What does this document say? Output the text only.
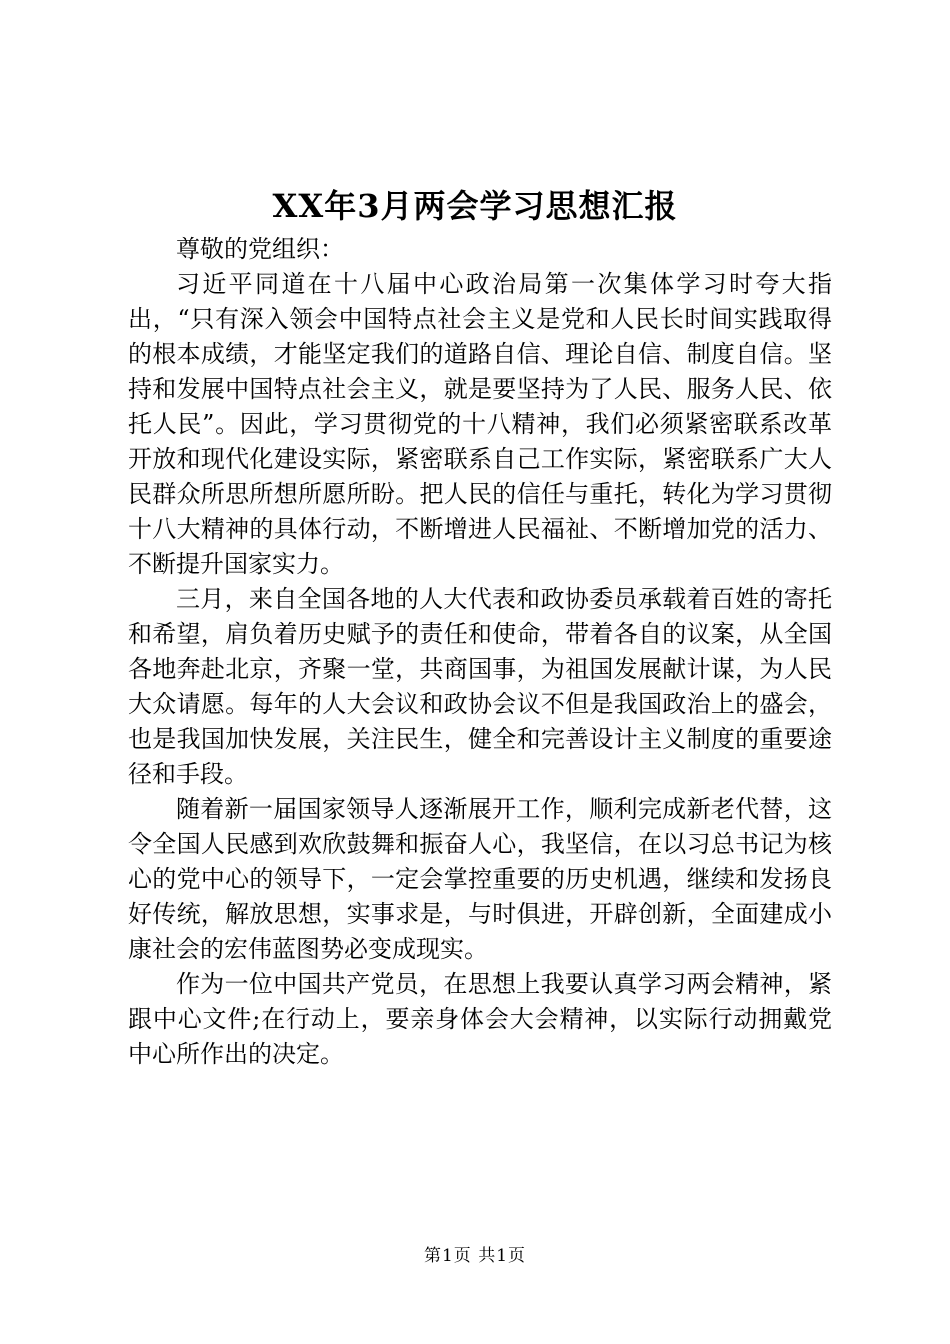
XX年3月两会学习思想汇报

尊敬的党组织：

习近平同道在十八届中心政治局第一次集体学习时夸大指出，“只有深入领会中国特点社会主义是党和人民长时间实践取得的根本成绩，才能坚定我们的道路自信、理论自信、制度自信。坚持和发展中国特点社会主义，就是要坚持为了人民、服务人民、依托人民”。因此，学习贯彻党的十八精神，我们必须紧密联系改革开放和现代化建设实际，紧密联系自己工作实际，紧密联系广大人民群众所思所想所愿所盼。把人民的信任与重托，转化为学习贯彻十八大精神的具体行动，不断增进人民福祉、不断增加党的活力、不断提升国家实力。

三月，来自全国各地的人大代表和政协委员承载着百姓的寄托和希望，肩负着历史赋予的责任和使命，带着各自的议案，从全国各地奔赴北京，齐聚一堂，共商国事，为祖国发展献计谋，为人民大众请愿。每年的人大会议和政协会议不但是我国政治上的盛会，也是我国加快发展，关注民生，健全和完善设计主义制度的重要途径和手段。

随着新一届国家领导人逐渐展开工作，顺利完成新老代替，这令全国人民感到欢欣鼓舞和振奋人心，我坚信，在以习总书记为核心的党中心的领导下，一定会掌控重要的历史机遇，继续和发扬良好传统，解放思想，实事求是，与时俱进，开辟创新，全面建成小康社会的宏伟蓝图势必变成现实。

作为一位中国共产党员，在思想上我要认真学习两会精神，紧跟中心文件;在行动上，要亲身体会大会精神，以实际行动拥戴党中心所作出的决定。

第1页 共1页
